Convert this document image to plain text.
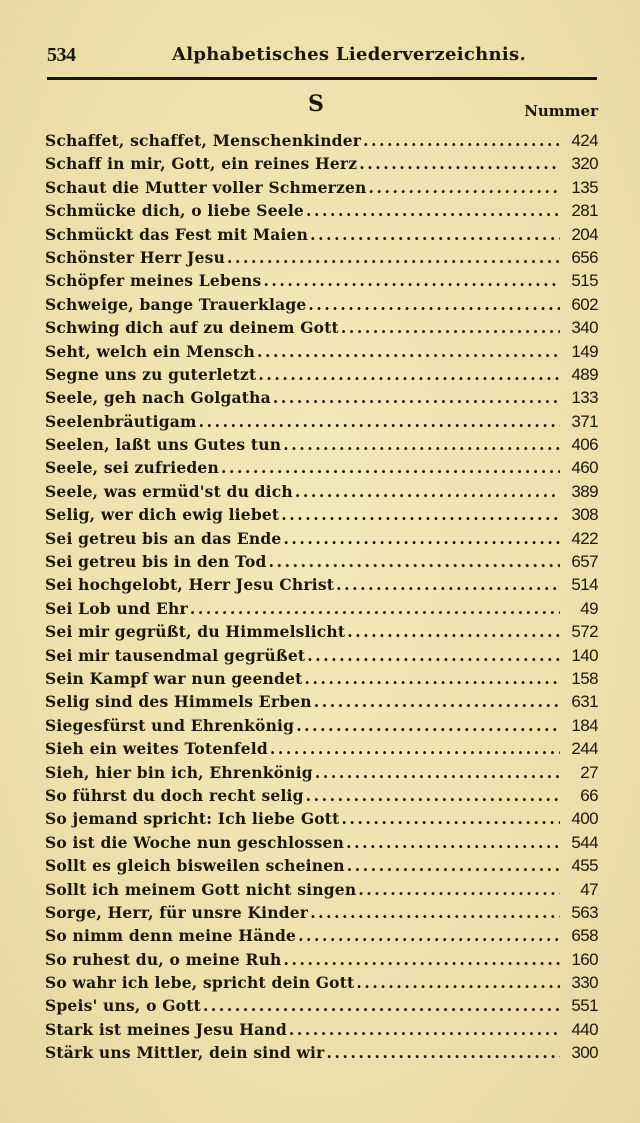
534	Alphabetisches Liederverzeichnis.
S	Nummer
Schaffet, schaffet, Menschenkinder .....	424
Schaff in mir, Gott, ein reines Herz .....	320
Schaut die Mutter voller Schmerzen .....	135
Schmücke dich, o liebe Seele .....	281
Schmückt das Fest mit Maien .....	204
Schönster Herr Jesu .....	656
Schöpfer meines Lebens .....	515
Schweige, bange Trauerklage .....	602
Schwing dich auf zu deinem Gott .....	340
Seht, welch ein Mensch .....	149
Segne uns zu guterletzt .....	489
Seele, geh nach Golgatha .....	133
Seelenbräutigam .....	371
Seelen, laßt uns Gutes tun .....	406
Seele, sei zufrieden .....	460
Seele, was ermüd'st du dich .....	389
Selig, wer dich ewig liebet .....	308
Sei getreu bis an das Ende .....	422
Sei getreu bis in den Tod .....	657
Sei hochgelobt, Herr Jesu Christ .....	514
Sei Lob und Ehr .....	49
Sei mir gegrüßt, du Himmelslicht .....	572
Sei mir tausendmal gegrüßet .....	140
Sein Kampf war nun geendet .....	158
Selig sind des Himmels Erben .....	631
Siegesfürst und Ehrenkönig .....	184
Sieh ein weites Totenfeld .....	244
Sieh, hier bin ich, Ehrenkönig .....	27
So führst du doch recht selig .....	66
So jemand spricht: Ich liebe Gott .....	400
So ist die Woche nun geschlossen .....	544
Sollt es gleich bisweilen scheinen .....	455
Sollt ich meinem Gott nicht singen .....	47
Sorge, Herr, für unsre Kinder .....	563
So nimm denn meine Hände .....	658
So ruhest du, o meine Ruh .....	160
So wahr ich lebe, spricht dein Gott .....	330
Speis' uns, o Gott .....	551
Stark ist meines Jesu Hand .....	440
Stärk uns Mittler, dein sind wir .....	300
